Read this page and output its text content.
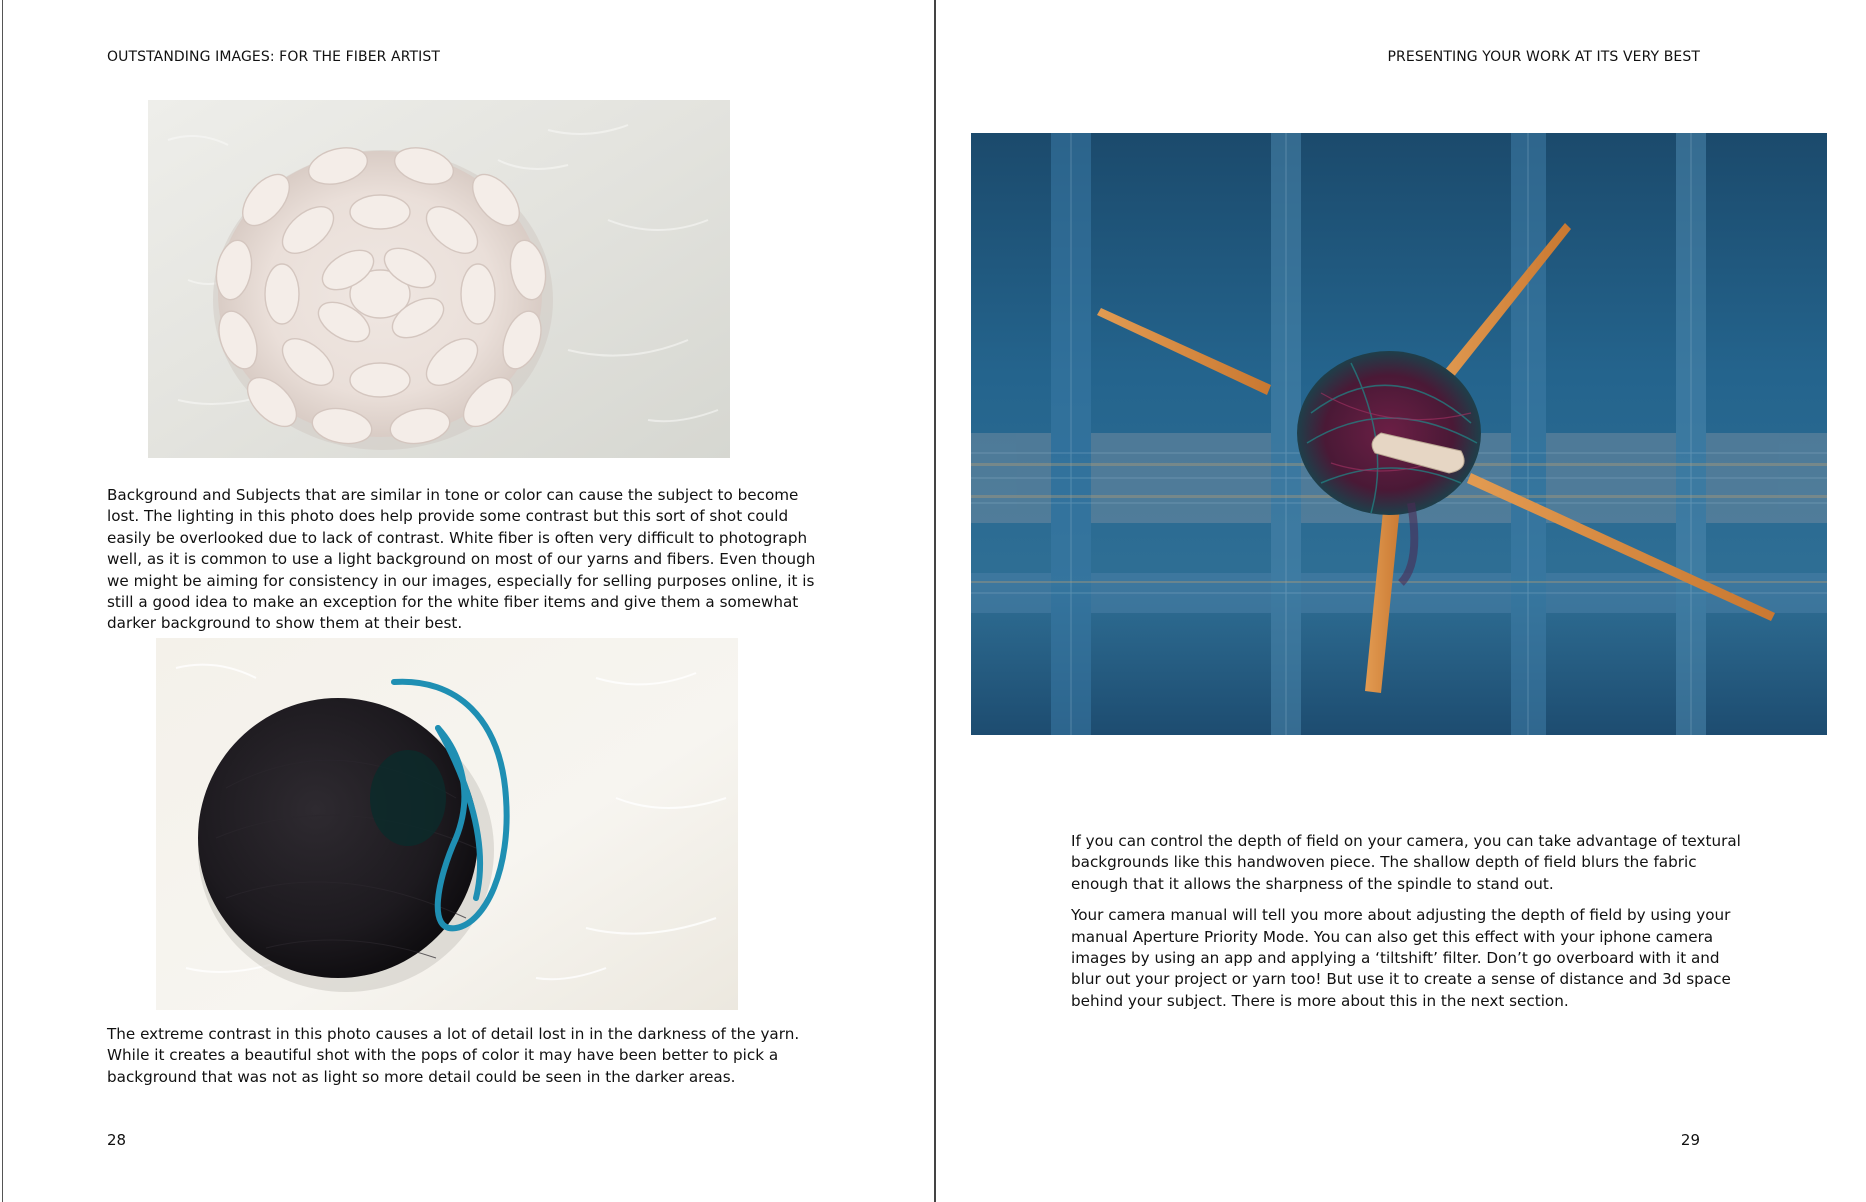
OUTSTANDING IMAGES: FOR THE FIBER ARTIST

Background and Subjects that are similar in tone or color can cause the subject to become lost. The lighting in this photo does help provide some contrast but this sort of shot could easily be overlooked due to lack of contrast. White fiber is often very difficult to photograph well, as it is common to use a light background on most of our yarns and fibers. Even though we might be aiming for consistency in our images, especially for selling purposes online, it is still a good idea to make an exception for the white fiber items and give them a somewhat darker background to show them at their best.

The extreme contrast in this photo causes a lot of detail lost in in the darkness of the yarn. While it creates a beautiful shot with the pops of color it may have been better to pick a background that was not as light so more detail could be seen in the darker areas.

28
PRESENTING YOUR WORK AT ITS VERY BEST

If you can control the depth of field on your camera, you can take advantage of textural backgrounds like this handwoven piece. The shallow depth of field blurs the fabric enough that it allows the sharpness of the spindle to stand out.

Your camera manual will tell you more about adjusting the depth of field by using your manual Aperture Priority Mode. You can also get this effect with your iphone camera images by using an app and applying a ‘tiltshift’ filter. Don’t go overboard with it and blur out your project or yarn too! But use it to create a sense of distance and 3d space behind your subject. There is more about this in the next section.

29
